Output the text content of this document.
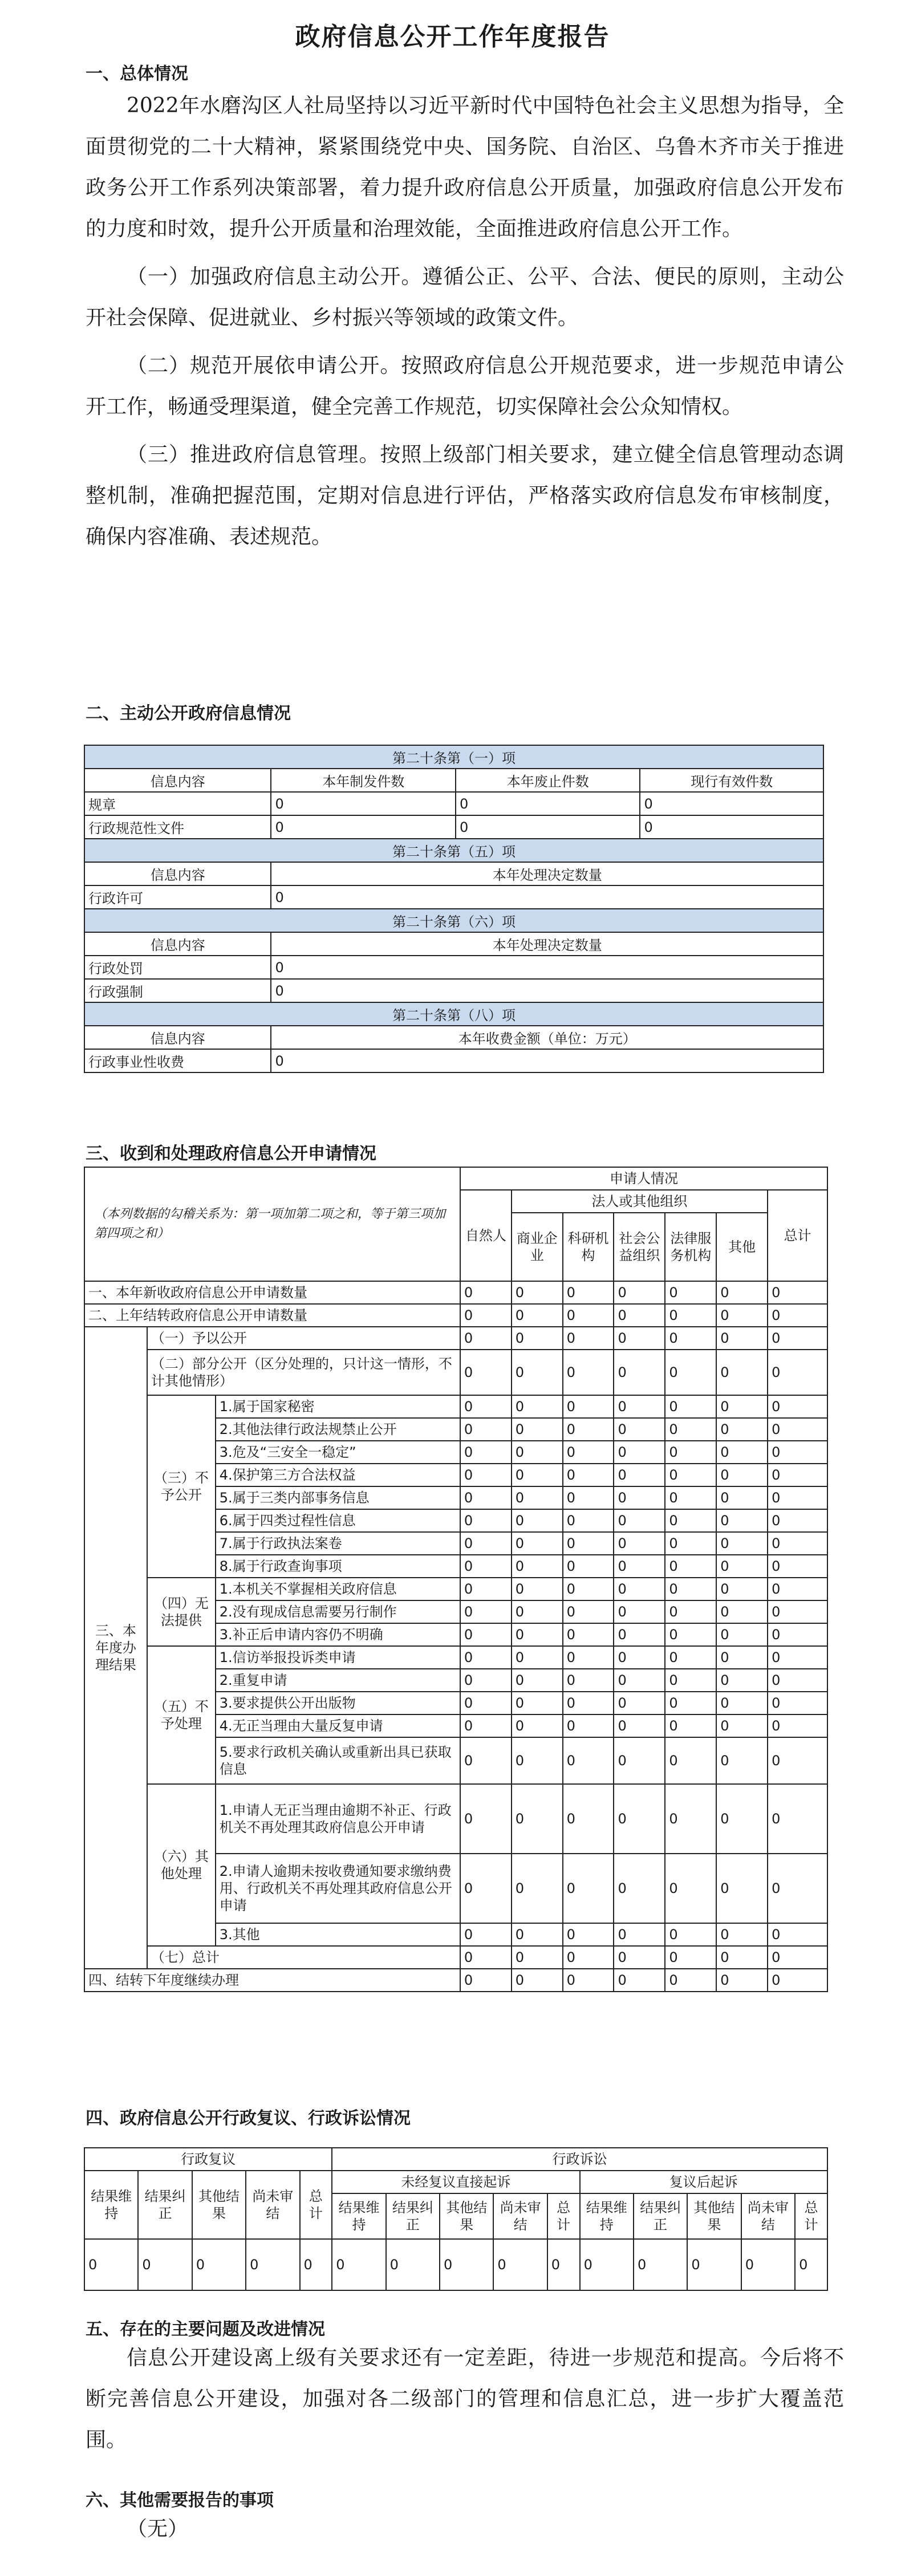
政府信息公开工作年度报告
一、总体情况

2022年水磨沟区人社局坚持以习近平新时代中国特色社会主义思想为指导，全面贯彻党的二十大精神，紧紧围绕党中央、国务院、自治区、乌鲁木齐市关于推进政务公开工作系列决策部署，着力提升政府信息公开质量，加强政府信息公开发布的力度和时效，提升公开质量和治理效能，全面推进政府信息公开工作。

（一）加强政府信息主动公开。遵循公正、公平、合法、便民的原则，主动公开社会保障、促进就业、乡村振兴等领域的政策文件。

（二）规范开展依申请公开。按照政府信息公开规范要求，进一步规范申请公开工作，畅通受理渠道，健全完善工作规范，切实保障社会公众知情权。

（三）推进政府信息管理。按照上级部门相关要求，建立健全信息管理动态调整机制，准确把握范围，定期对信息进行评估，严格落实政府信息发布审核制度，确保内容准确、表述规范。

二、主动公开政府信息情况
第二十条第（一）项			
信息内容	本年制发件数	本年废止件数	现行有效件数
规章	0	0	0
行政规范性文件	0	0	0
第二十条第（五）项			
信息内容	本年处理决定数量		
行政许可	0		
第二十条第（六）项			
信息内容	本年处理决定数量		
行政处罚	0		
行政强制	0		
第二十条第（八）项			
信息内容	本年收费金额（单位：万元）		
行政事业性收费	0		
三、收到和处理政府信息公开申请情况
（本列数据的勾稽关系为：第一项加第二项之和，等于第三项加第四项之和）			申请人情况						
			自然人	法人或其他组织					总计
				商业企业	科研机构	社会公益组织	法律服务机构	其他	
一、本年新收政府信息公开申请数量			0	0	0	0	0	0	0
二、上年结转政府信息公开申请数量			0	0	0	0	0	0	0
三、本年度办理结果	（一）予以公开		0	0	0	0	0	0	0
	（二）部分公开（区分处理的，只计这一情形，不计其他情形）		0	0	0	0	0	0	0
	（三）不予公开	1.属于国家秘密	0	0	0	0	0	0	0
		2.其他法律行政法规禁止公开	0	0	0	0	0	0	0
		3.危及“三安全一稳定”	0	0	0	0	0	0	0
		4.保护第三方合法权益	0	0	0	0	0	0	0
		5.属于三类内部事务信息	0	0	0	0	0	0	0
		6.属于四类过程性信息	0	0	0	0	0	0	0
		7.属于行政执法案卷	0	0	0	0	0	0	0
		8.属于行政查询事项	0	0	0	0	0	0	0
	（四）无法提供	1.本机关不掌握相关政府信息	0	0	0	0	0	0	0
		2.没有现成信息需要另行制作	0	0	0	0	0	0	0
		3.补正后申请内容仍不明确	0	0	0	0	0	0	0
	（五）不予处理	1.信访举报投诉类申请	0	0	0	0	0	0	0
		2.重复申请	0	0	0	0	0	0	0
		3.要求提供公开出版物	0	0	0	0	0	0	0
		4.无正当理由大量反复申请	0	0	0	0	0	0	0
		5.要求行政机关确认或重新出具已获取信息	0	0	0	0	0	0	0
	（六）其他处理	1.申请人无正当理由逾期不补正、行政机关不再处理其政府信息公开申请	0	0	0	0	0	0	0
		2.申请人逾期未按收费通知要求缴纳费用、行政机关不再处理其政府信息公开申请	0	0	0	0	0	0	0
		3.其他	0	0	0	0	0	0	0
	（七）总计		0	0	0	0	0	0	0
四、结转下年度继续办理			0	0	0	0	0	0	0
四、政府信息公开行政复议、行政诉讼情况
行政复议					行政诉讼									
结果维持	结果纠正	其他结果	尚未审结	总计	未经复议直接起诉					复议后起诉				
					结果维持	结果纠正	其他结果	尚未审结	总计	结果维持	结果纠正	其他结果	尚未审结	总计
0	0	0	0	0	0	0	0	0	0	0	0	0	0	0
五、存在的主要问题及改进情况

信息公开建设离上级有关要求还有一定差距，待进一步规范和提高。今后将不断完善信息公开建设，加强对各二级部门的管理和信息汇总，进一步扩大覆盖范围。

六、其他需要报告的事项

（无）
